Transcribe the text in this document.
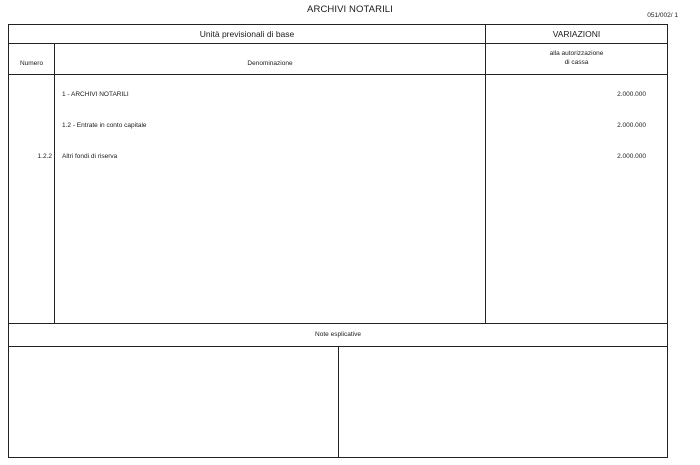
ARCHIVI NOTARILI
051/002/ 1
Unità previsionali di base	VARIAZIONI
Numero	Denominazione
alla autorizzazione
di cassa
1 - ARCHIVI NOTARILI	2.000.000
1.2 - Entrate in conto capitale	2.000.000
1.2.2 Altri fondi di riserva	2.000.000
Note esplicative
